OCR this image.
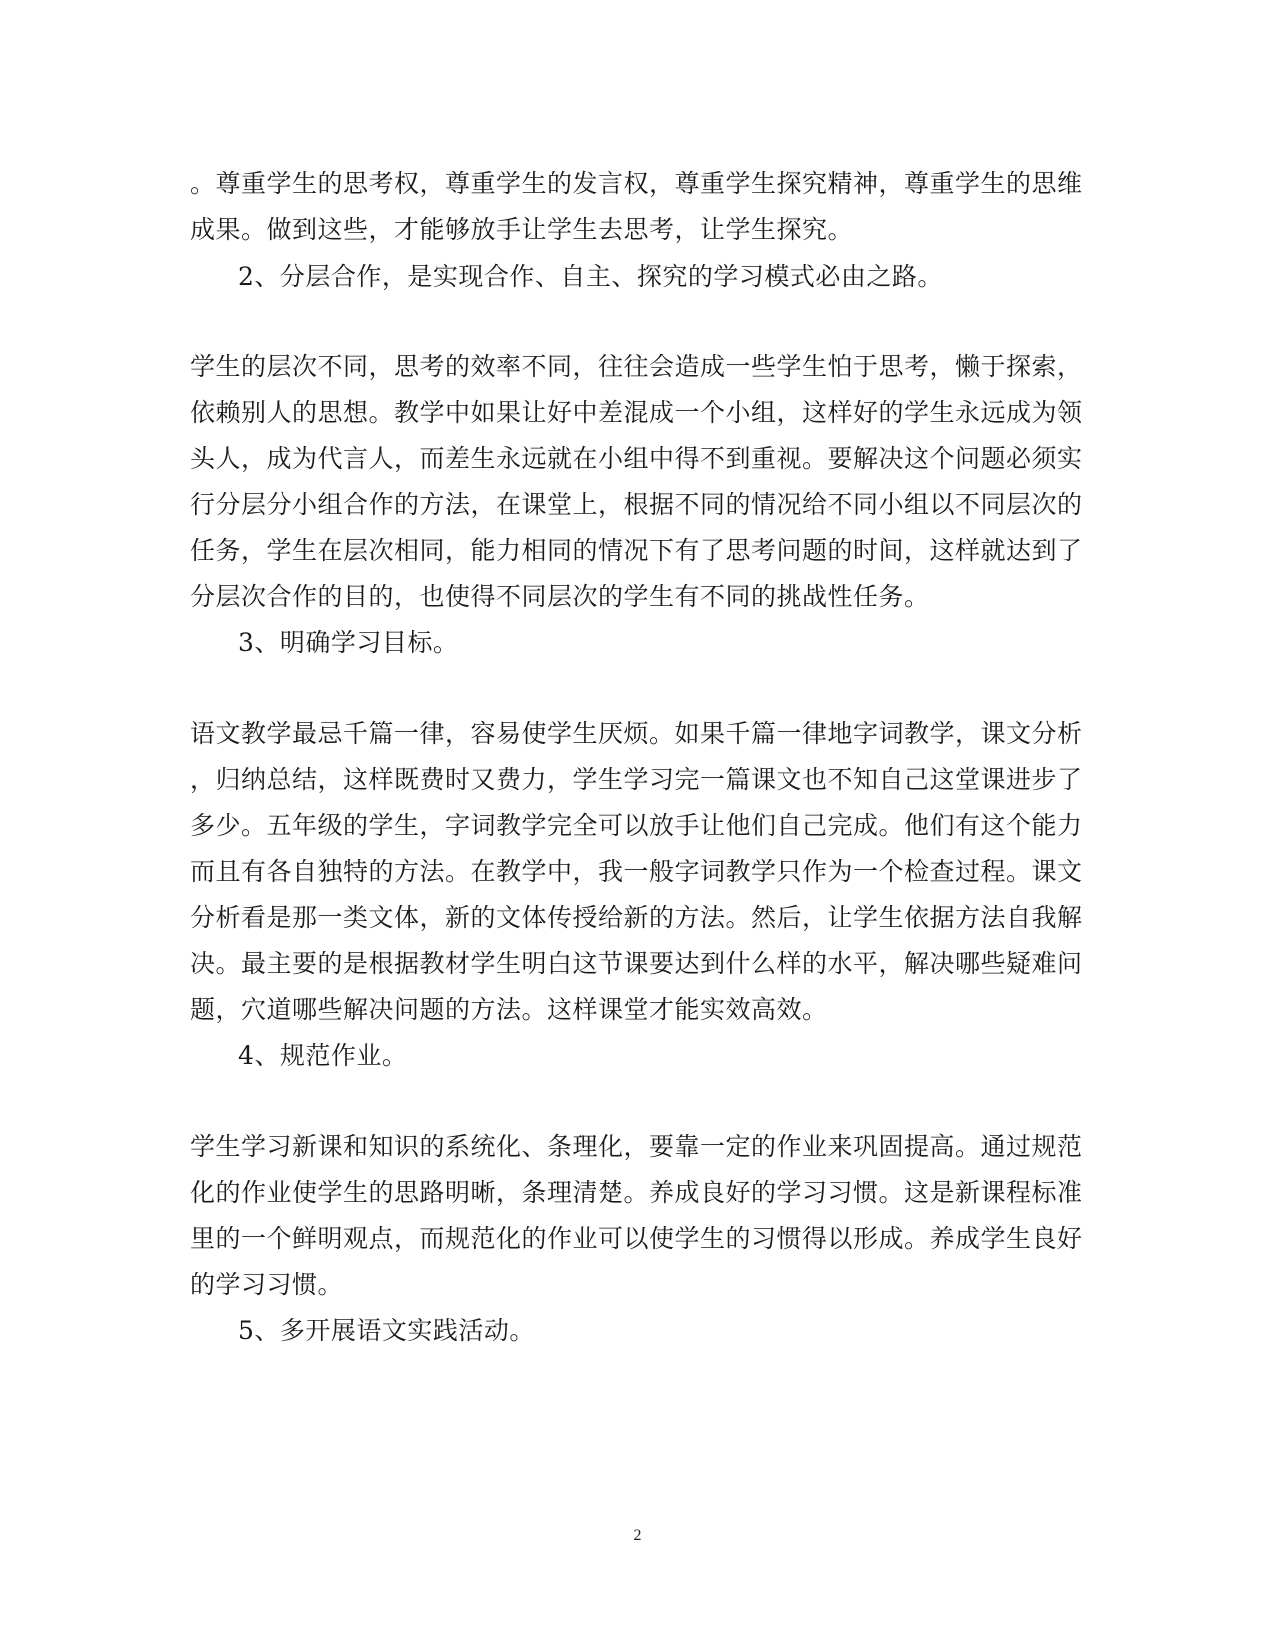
。尊重学生的思考权，尊重学生的发言权，尊重学生探究精神，尊重学生的思维
成果。做到这些，才能够放手让学生去思考，让学生探究。
2、分层合作，是实现合作、自主、探究的学习模式必由之路。
学生的层次不同，思考的效率不同，往往会造成一些学生怕于思考，懒于探索，
依赖别人的思想。教学中如果让好中差混成一个小组，这样好的学生永远成为领
头人，成为代言人，而差生永远就在小组中得不到重视。要解决这个问题必须实
行分层分小组合作的方法，在课堂上，根据不同的情况给不同小组以不同层次的
任务，学生在层次相同，能力相同的情况下有了思考问题的时间，这样就达到了
分层次合作的目的，也使得不同层次的学生有不同的挑战性任务。
3、明确学习目标。
语文教学最忌千篇一律，容易使学生厌烦。如果千篇一律地字词教学，课文分析
，归纳总结，这样既费时又费力，学生学习完一篇课文也不知自己这堂课进步了
多少。五年级的学生，字词教学完全可以放手让他们自己完成。他们有这个能力
而且有各自独特的方法。在教学中，我一般字词教学只作为一个检查过程。课文
分析看是那一类文体，新的文体传授给新的方法。然后，让学生依据方法自我解
决。最主要的是根据教材学生明白这节课要达到什么样的水平，解决哪些疑难问
题，穴道哪些解决问题的方法。这样课堂才能实效高效。
4、规范作业。
学生学习新课和知识的系统化、条理化，要靠一定的作业来巩固提高。通过规范
化的作业使学生的思路明晰，条理清楚。养成良好的学习习惯。这是新课程标准
里的一个鲜明观点，而规范化的作业可以使学生的习惯得以形成。养成学生良好
的学习习惯。
5、多开展语文实践活动。
2
